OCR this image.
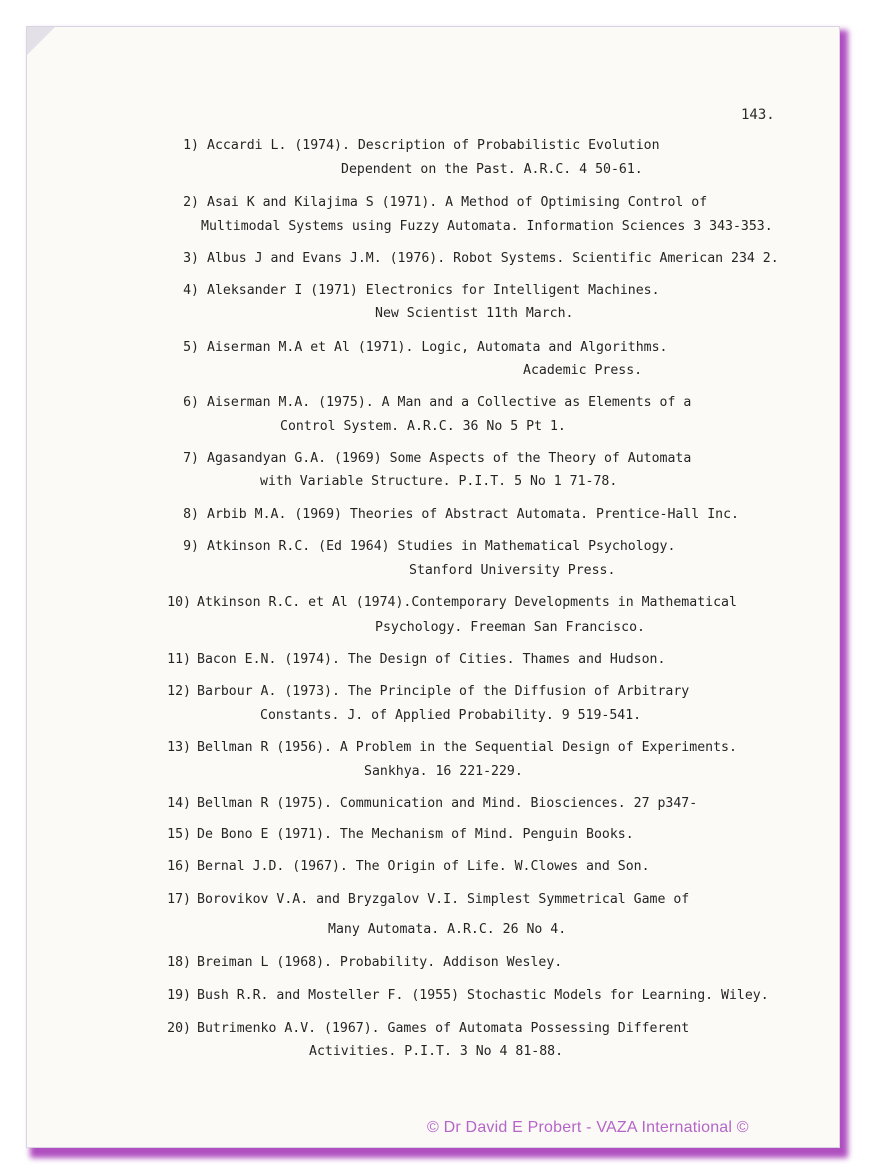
143.
1) Accardi L. (1974). Description of Probabilistic Evolution
Dependent on the Past. A.R.C. 4 50-61.
2) Asai K and Kilajima S (1971). A Method of Optimising Control of
Multimodal Systems using Fuzzy Automata. Information Sciences 3 343-353.
3) Albus J and Evans J.M. (1976). Robot Systems. Scientific American 234 2.
4) Aleksander I (1971) Electronics for Intelligent Machines.
New Scientist 11th March.
5) Aiserman M.A et Al (1971). Logic, Automata and Algorithms.
Academic Press.
6) Aiserman M.A. (1975). A Man and a Collective as Elements of a
Control System. A.R.C. 36 No 5 Pt 1.
7) Agasandyan G.A. (1969) Some Aspects of the Theory of Automata
with Variable Structure. P.I.T. 5 No 1 71-78.
8) Arbib M.A. (1969) Theories of Abstract Automata. Prentice-Hall Inc.
9) Atkinson R.C. (Ed 1964) Studies in Mathematical Psychology.
Stanford University Press.
10) Atkinson R.C. et Al (1974).Contemporary Developments in Mathematical
Psychology. Freeman San Francisco.
11) Bacon E.N. (1974). The Design of Cities. Thames and Hudson.
12) Barbour A. (1973). The Principle of the Diffusion of Arbitrary
Constants. J. of Applied Probability. 9 519-541.
13) Bellman R (1956). A Problem in the Sequential Design of Experiments.
Sankhya. 16 221-229.
14) Bellman R (1975). Communication and Mind. Biosciences. 27 p347-
15) De Bono E (1971). The Mechanism of Mind. Penguin Books.
16) Bernal J.D. (1967). The Origin of Life. W.Clowes and Son.
17) Borovikov V.A. and Bryzgalov V.I. Simplest Symmetrical Game of
Many Automata. A.R.C. 26 No 4.
18) Breiman L (1968). Probability. Addison Wesley.
19) Bush R.R. and Mosteller F. (1955) Stochastic Models for Learning. Wiley.
20) Butrimenko A.V. (1967). Games of Automata Possessing Different
Activities. P.I.T. 3 No 4 81-88.
© Dr David E Probert - VAZA International ©
